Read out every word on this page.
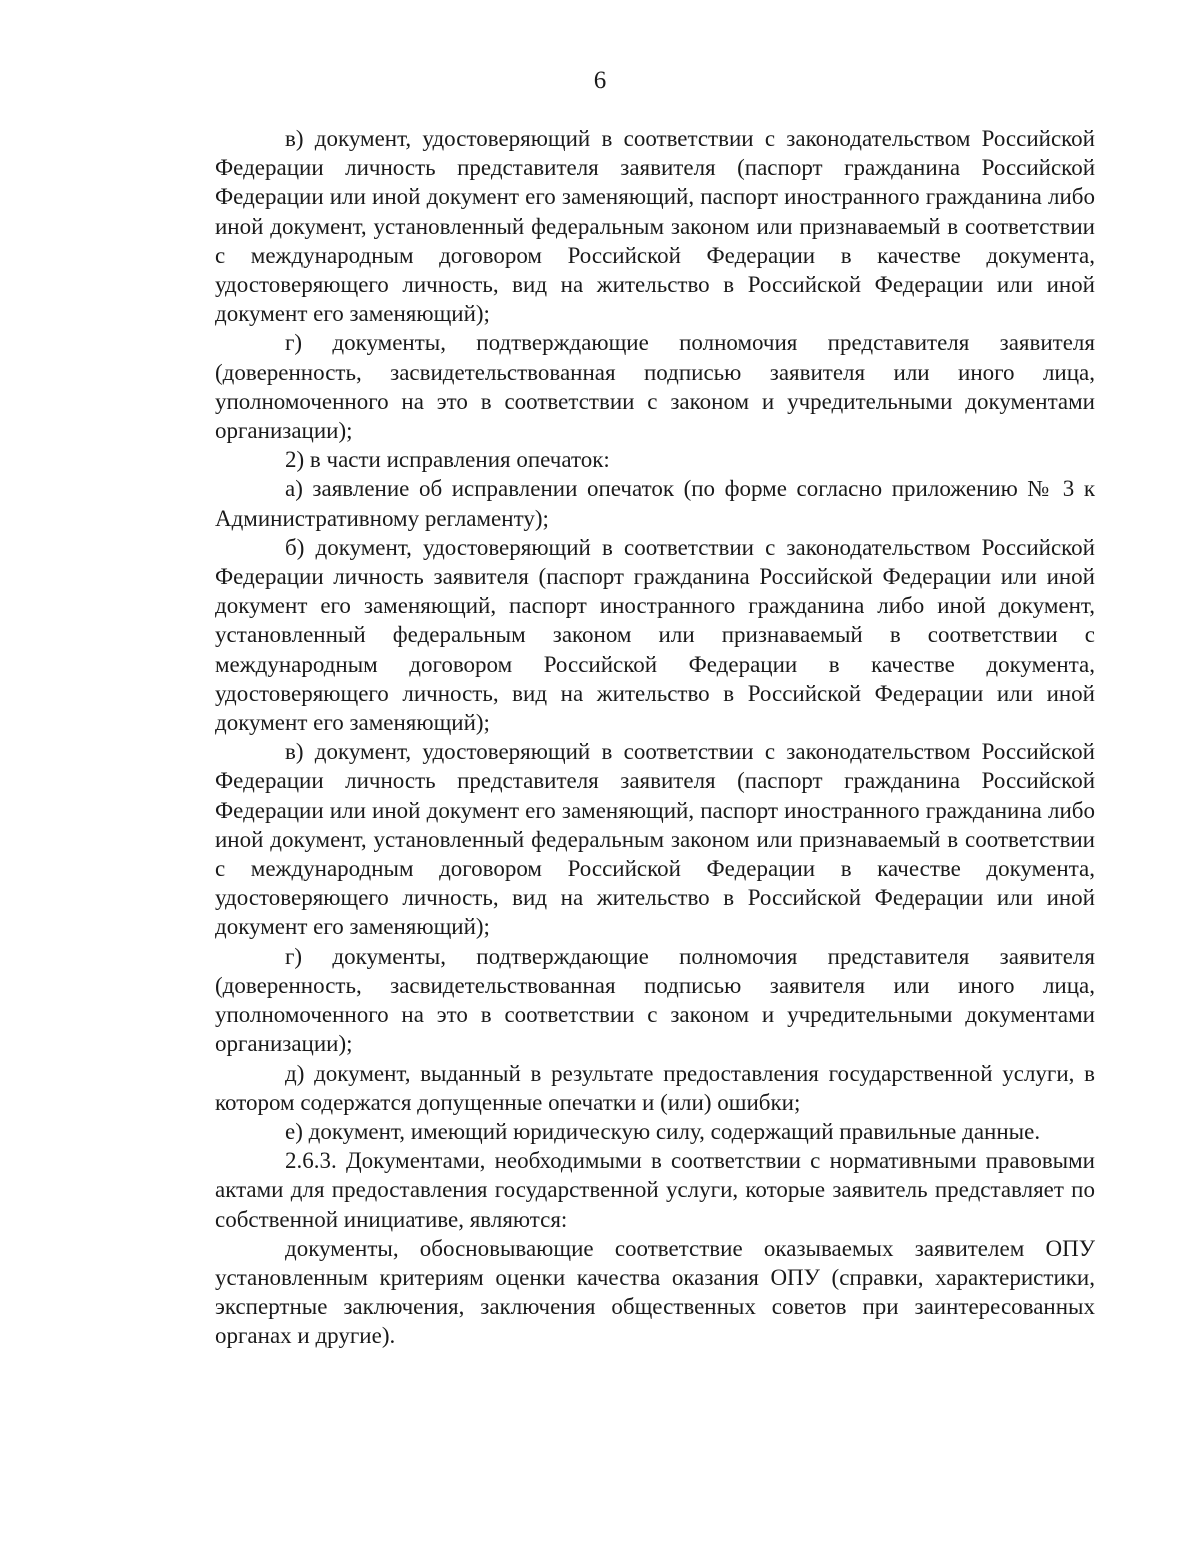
6

в) документ, удостоверяющий в соответствии с законодательством Российской Федерации личность представителя заявителя (паспорт гражданина Российской Федерации или иной документ его заменяющий, паспорт иностранного гражданина либо иной документ, установленный федеральным законом или признаваемый в соответствии с международным договором Российской Федерации в качестве документа, удостоверяющего личность, вид на жительство в Российской Федерации или иной документ его заменяющий);

г) документы, подтверждающие полномочия представителя заявителя (доверенность, засвидетельствованная подписью заявителя или иного лица, уполномоченного на это в соответствии с законом и учредительными документами организации);

2) в части исправления опечаток:

а) заявление об исправлении опечаток (по форме согласно приложению № 3 к Административному регламенту);

б) документ, удостоверяющий в соответствии с законодательством Российской Федерации личность заявителя (паспорт гражданина Российской Федерации или иной документ его заменяющий, паспорт иностранного гражданина либо иной документ, установленный федеральным законом или признаваемый в соответствии с международным договором Российской Федерации в качестве документа, удостоверяющего личность, вид на жительство в Российской Федерации или иной документ его заменяющий);

в) документ, удостоверяющий в соответствии с законодательством Российской Федерации личность представителя заявителя (паспорт гражданина Российской Федерации или иной документ его заменяющий, паспорт иностранного гражданина либо иной документ, установленный федеральным законом или признаваемый в соответствии с международным договором Российской Федерации в качестве документа, удостоверяющего личность, вид на жительство в Российской Федерации или иной документ его заменяющий);

г) документы, подтверждающие полномочия представителя заявителя (доверенность, засвидетельствованная подписью заявителя или иного лица, уполномоченного на это в соответствии с законом и учредительными документами организации);

д) документ, выданный в результате предоставления государственной услуги, в котором содержатся допущенные опечатки и (или) ошибки;

е) документ, имеющий юридическую силу, содержащий правильные данные.

2.6.3. Документами, необходимыми в соответствии с нормативными правовыми актами для предоставления государственной услуги, которые заявитель представляет по собственной инициативе, являются:

документы, обосновывающие соответствие оказываемых заявителем ОПУ установленным критериям оценки качества оказания ОПУ (справки, характеристики, экспертные заключения, заключения общественных советов при заинтересованных органах и другие).
